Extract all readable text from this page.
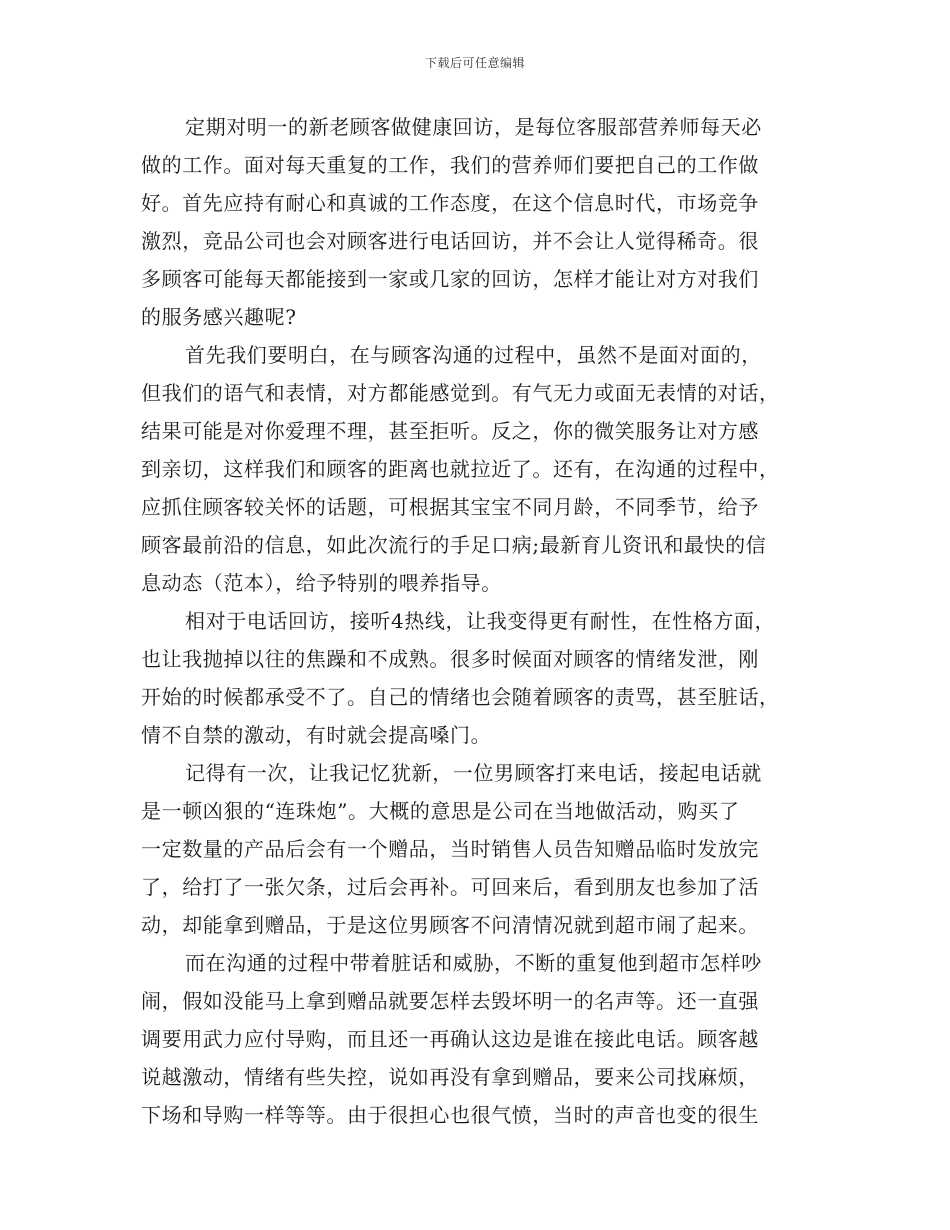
下载后可任意编辑
定期对明一的新老顾客做健康回访，是每位客服部营养师每天必
做的工作。面对每天重复的工作，我们的营养师们要把自己的工作做
好。首先应持有耐心和真诚的工作态度，在这个信息时代，市场竞争
激烈，竞品公司也会对顾客进行电话回访，并不会让人觉得稀奇。很
多顾客可能每天都能接到一家或几家的回访，怎样才能让对方对我们
的服务感兴趣呢?
首先我们要明白，在与顾客沟通的过程中，虽然不是面对面的，
但我们的语气和表情，对方都能感觉到。有气无力或面无表情的对话，
结果可能是对你爱理不理，甚至拒听。反之，你的微笑服务让对方感
到亲切，这样我们和顾客的距离也就拉近了。还有，在沟通的过程中，
应抓住顾客较关怀的话题，可根据其宝宝不同月龄，不同季节，给予
顾客最前沿的信息，如此次流行的手足口病;最新育儿资讯和最快的信
息动态（范本），给予特别的喂养指导。
相对于电话回访，接听4热线，让我变得更有耐性，在性格方面，
也让我抛掉以往的焦躁和不成熟。很多时候面对顾客的情绪发泄，刚
开始的时候都承受不了。自己的情绪也会随着顾客的责骂，甚至脏话，
情不自禁的激动，有时就会提高嗓门。
记得有一次，让我记忆犹新，一位男顾客打来电话，接起电话就
是一顿凶狠的“连珠炮”。大概的意思是公司在当地做活动，购买了
一定数量的产品后会有一个赠品，当时销售人员告知赠品临时发放完
了，给打了一张欠条，过后会再补。可回来后，看到朋友也参加了活
动，却能拿到赠品，于是这位男顾客不问清情况就到超市闹了起来。
而在沟通的过程中带着脏话和威胁，不断的重复他到超市怎样吵
闹，假如没能马上拿到赠品就要怎样去毁坏明一的名声等。还一直强
调要用武力应付导购，而且还一再确认这边是谁在接此电话。顾客越
说越激动，情绪有些失控，说如再没有拿到赠品，要来公司找麻烦，
下场和导购一样等等。由于很担心也很气愤，当时的声音也变的很生
